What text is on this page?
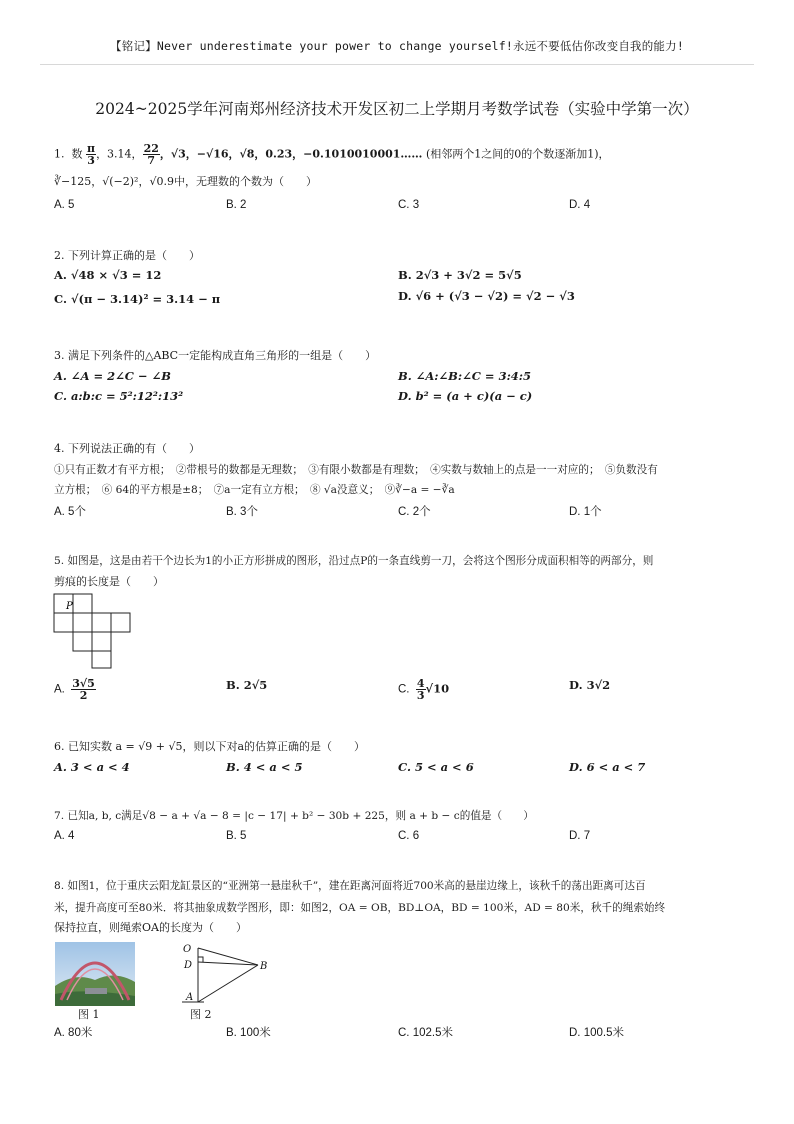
【铭记】Never underestimate your power to change yourself!永远不要低估你改变自我的能力!
2024~2025学年河南郑州经济技术开发区初二上学期月考数学试卷（实验中学第一次）
1. 数 $\frac{\pi}{3}$ ，3.14， $\frac{22}{7}$ ，√3，−√16，√8，0.23，−0.1010010001…… (相邻两个1之间的0的个数逐渐加1)，
∛−125，√(−2)²，√0.9中，无理数的个数为（　　）
A. 5	B. 2	C. 3	D. 4
2. 下列计算正确的是（　　）
A. √48 × √3 = 12	B. 2√3 + 3√2 = 5√5
C. √(π − 3.14)² = 3.14 − π	D. √6 + (√3 − √2) = √2 − √3
3. 满足下列条件的△ABC一定能构成直角三角形的一组是（　　）
A. ∠A = 2∠C − ∠B	B. ∠A:∠B:∠C = 3:4:5
C. a:b:c = 5²:12²:13²	D. b² = (a + c)(a − c)
4. 下列说法正确的有（　　）
①只有正数才有平方根；　②带根号的数都是无理数；　③有限小数都是有理数；　④实数与数轴上的点是一一对应的；　⑤负数没有
立方根；　⑥ 64的平方根是±8；　⑦a一定有立方根；　⑧ √a没意义；　⑨∛−a = −∛a
A. 5个	B. 3个	C. 2个	D. 1个
5. 如图是，这是由若干个边长为1的小正方形拼成的图形，沿过点P的一条直线剪一刀，会将这个图形分成面积相等的两部分，则
剪痕的长度是（　　）
P
A. $\frac{3√5}{2}$	B. 2√5	C. $\frac{4}{3} √10$	D. 3√2
6. 已知实数 a = √9 + √5，则以下对a的估算正确的是（　　）
A. 3 < a < 4	B. 4 < a < 5	C. 5 < a < 6	D. 6 < a < 7
7. 已知a, b, c满足√8 − a + √a − 8 = |c − 17| + b² − 30b + 225，则 a + b − c的值是（　　）
A. 4	B. 5	C. 6	D. 7
8. 如图1，位于重庆云阳龙缸景区的“亚洲第一悬崖秋千”，建在距离河面将近700米高的悬崖边缘上，该秋千的荡出距离可达百
米，提升高度可至80米．将其抽象成数学图形，即：如图2，OA = OB，BD⊥OA，BD = 100米，AD = 80米，秋千的绳索始终
保持拉直，则绳索OA的长度为（　　）
O
D	B
A
图 1	图 2
A. 80米	B. 100米	C. 102.5米	D. 100.5米
